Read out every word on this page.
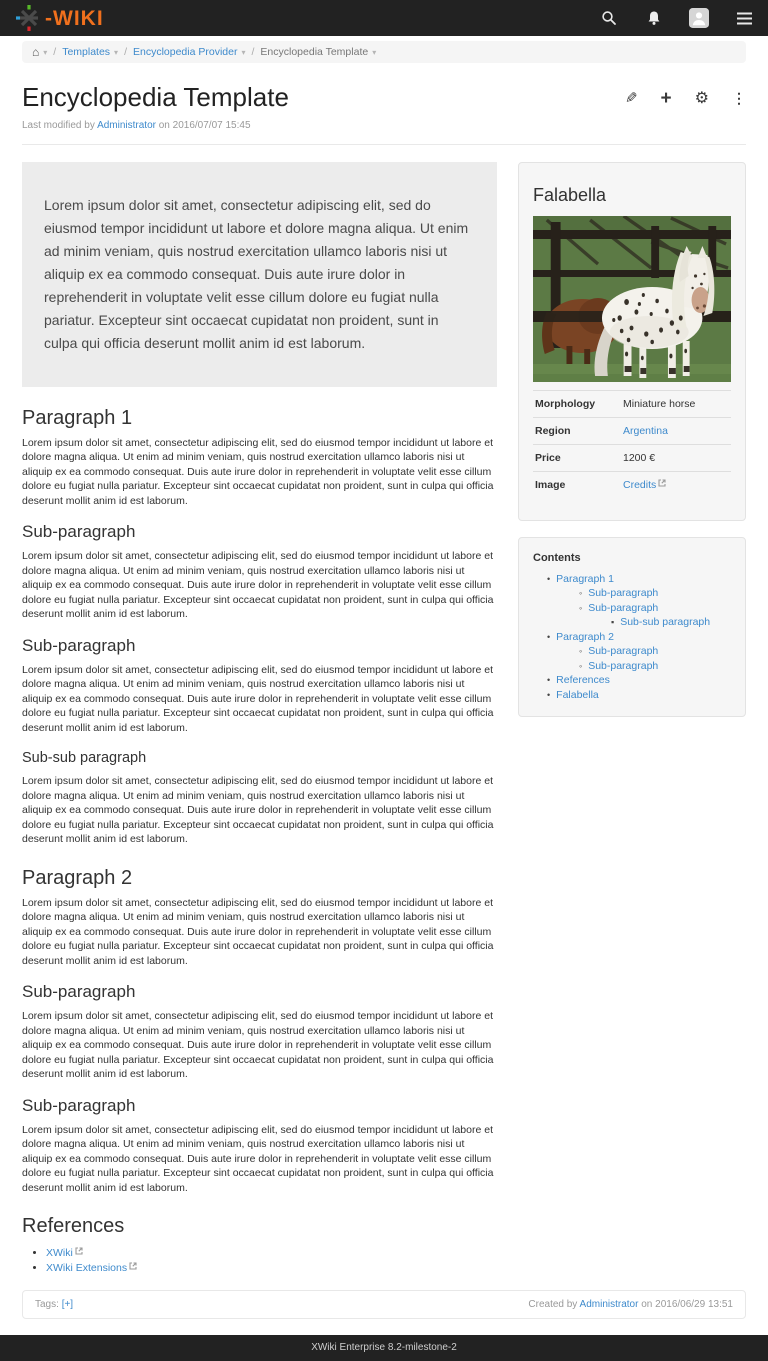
- WIKI
⌂ ▾ / Templates ▾ / Encyclopedia Provider ▾ / Encyclopedia Template ▾
Encyclopedia Template	✎ + ⚙ ⋮
Last modified by Administrator on 2016/07/07 15:45

Lorem ipsum dolor sit amet, consectetur adipiscing elit, sed do eiusmod tempor incididunt ut labore et dolore magna aliqua. Ut enim ad minim veniam, quis nostrud exercitation ullamco laboris nisi ut aliquip ex ea commodo consequat. Duis aute irure dolor in reprehenderit in voluptate velit esse cillum dolore eu fugiat nulla pariatur. Excepteur sint occaecat cupidatat non proident, sunt in culpa qui officia deserunt mollit anim id est laborum.

Paragraph 1

Lorem ipsum dolor sit amet, consectetur adipiscing elit, sed do eiusmod tempor incididunt ut labore et dolore magna aliqua. Ut enim ad minim veniam, quis nostrud exercitation ullamco laboris nisi ut aliquip ex ea commodo consequat. Duis aute irure dolor in reprehenderit in voluptate velit esse cillum dolore eu fugiat nulla pariatur. Excepteur sint occaecat cupidatat non proident, sunt in culpa qui officia deserunt mollit anim id est laborum.

Sub-paragraph

Lorem ipsum dolor sit amet, consectetur adipiscing elit, sed do eiusmod tempor incididunt ut labore et dolore magna aliqua. Ut enim ad minim veniam, quis nostrud exercitation ullamco laboris nisi ut aliquip ex ea commodo consequat. Duis aute irure dolor in reprehenderit in voluptate velit esse cillum dolore eu fugiat nulla pariatur. Excepteur sint occaecat cupidatat non proident, sunt in culpa qui officia deserunt mollit anim id est laborum.

Sub-paragraph

Lorem ipsum dolor sit amet, consectetur adipiscing elit, sed do eiusmod tempor incididunt ut labore et dolore magna aliqua. Ut enim ad minim veniam, quis nostrud exercitation ullamco laboris nisi ut aliquip ex ea commodo consequat. Duis aute irure dolor in reprehenderit in voluptate velit esse cillum dolore eu fugiat nulla pariatur. Excepteur sint occaecat cupidatat non proident, sunt in culpa qui officia deserunt mollit anim id est laborum.

Sub-sub paragraph

Lorem ipsum dolor sit amet, consectetur adipiscing elit, sed do eiusmod tempor incididunt ut labore et dolore magna aliqua. Ut enim ad minim veniam, quis nostrud exercitation ullamco laboris nisi ut aliquip ex ea commodo consequat. Duis aute irure dolor in reprehenderit in voluptate velit esse cillum dolore eu fugiat nulla pariatur. Excepteur sint occaecat cupidatat non proident, sunt in culpa qui officia deserunt mollit anim id est laborum.

Paragraph 2

Lorem ipsum dolor sit amet, consectetur adipiscing elit, sed do eiusmod tempor incididunt ut labore et dolore magna aliqua. Ut enim ad minim veniam, quis nostrud exercitation ullamco laboris nisi ut aliquip ex ea commodo consequat. Duis aute irure dolor in reprehenderit in voluptate velit esse cillum dolore eu fugiat nulla pariatur. Excepteur sint occaecat cupidatat non proident, sunt in culpa qui officia deserunt mollit anim id est laborum.

Sub-paragraph

Lorem ipsum dolor sit amet, consectetur adipiscing elit, sed do eiusmod tempor incididunt ut labore et dolore magna aliqua. Ut enim ad minim veniam, quis nostrud exercitation ullamco laboris nisi ut aliquip ex ea commodo consequat. Duis aute irure dolor in reprehenderit in voluptate velit esse cillum dolore eu fugiat nulla pariatur. Excepteur sint occaecat cupidatat non proident, sunt in culpa qui officia deserunt mollit anim id est laborum.

Sub-paragraph

Lorem ipsum dolor sit amet, consectetur adipiscing elit, sed do eiusmod tempor incididunt ut labore et dolore magna aliqua. Ut enim ad minim veniam, quis nostrud exercitation ullamco laboris nisi ut aliquip ex ea commodo consequat. Duis aute irure dolor in reprehenderit in voluptate velit esse cillum dolore eu fugiat nulla pariatur. Excepteur sint occaecat cupidatat non proident, sunt in culpa qui officia deserunt mollit anim id est laborum.

References
• XWiki
• XWiki Extensions
Falabella
Morphology	Miniature horse
Region	Argentina
Price	1200 €
Image	Credits
Contents
• Paragraph 1
◦ Sub-paragraph
◦ Sub-paragraph
▪ Sub-sub paragraph
• Paragraph 2
◦ Sub-paragraph
◦ Sub-paragraph
• References
• Falabella
Tags: [+]	Created by Administrator on 2016/06/29 13:51
XWiki Enterprise 8.2-milestone-2
